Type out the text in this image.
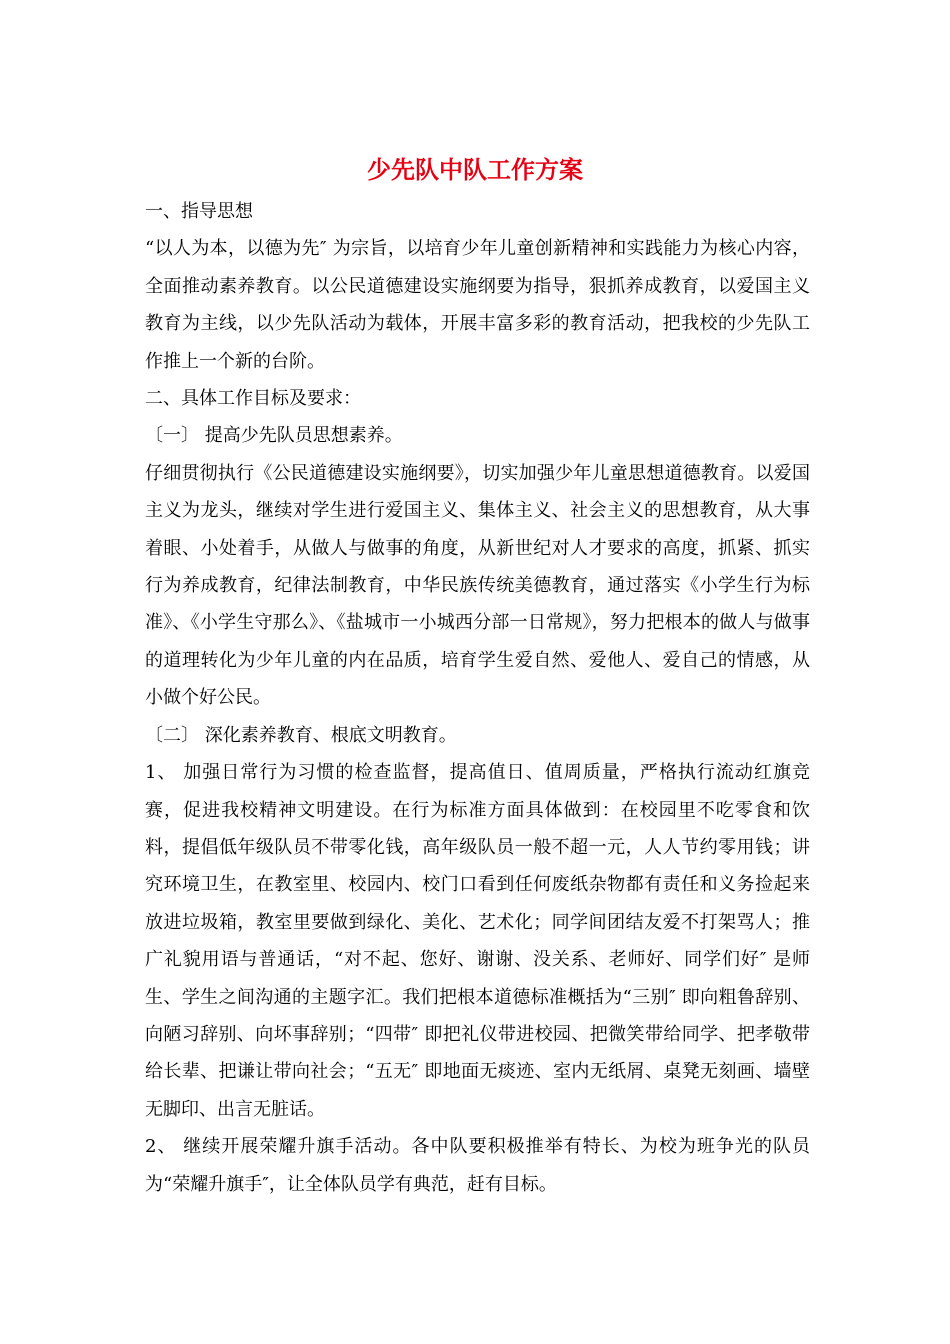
少先队中队工作方案

一、指导思想

“以人为本，以德为先″ 为宗旨，以培育少年儿童创新精神和实践能力为核心内容，全面推动素养教育。以公民道德建设实施纲要为指导，狠抓养成教育，以爱国主义教育为主线，以少先队活动为载体，开展丰富多彩的教育活动，把我校的少先队工作推上一个新的台阶。

二、具体工作目标及要求：

〔一〕 提高少先队员思想素养。

仔细贯彻执行《公民道德建设实施纲要》，切实加强少年儿童思想道德教育。以爱国主义为龙头，继续对学生进行爱国主义、集体主义、社会主义的思想教育，从大事着眼、小处着手，从做人与做事的角度，从新世纪对人才要求的高度，抓紧、抓实行为养成教育，纪律法制教育，中华民族传统美德教育，通过落实《小学生行为标准》、《小学生守那么》、《盐城市一小城西分部一日常规》，努力把根本的做人与做事的道理转化为少年儿童的内在品质，培育学生爱自然、爱他人、爱自己的情感，从小做个好公民。

〔二〕 深化素养教育、根底文明教育。

1、 加强日常行为习惯的检查监督，提高值日、值周质量，严格执行流动红旗竞赛，促进我校精神文明建设。在行为标准方面具体做到：在校园里不吃零食和饮料，提倡低年级队员不带零化钱，高年级队员一般不超一元，人人节约零用钱；讲究环境卫生，在教室里、校园内、校门口看到任何废纸杂物都有责任和义务捡起来放进垃圾箱，教室里要做到绿化、美化、艺术化；同学间团结友爱不打架骂人；推广礼貌用语与普通话，“对不起、您好、谢谢、没关系、老师好、同学们好″ 是师生、学生之间沟通的主题字汇。我们把根本道德标准概括为“三别″ 即向粗鲁辞别、向陋习辞别、向坏事辞别；“四带″ 即把礼仪带进校园、把微笑带给同学、把孝敬带给长辈、把谦让带向社会；“五无″ 即地面无痰迹、室内无纸屑、桌凳无刻画、墙壁无脚印、出言无脏话。

2、 继续开展荣耀升旗手活动。各中队要积极推举有特长、为校为班争光的队员为“荣耀升旗手″，让全体队员学有典范，赶有目标。
